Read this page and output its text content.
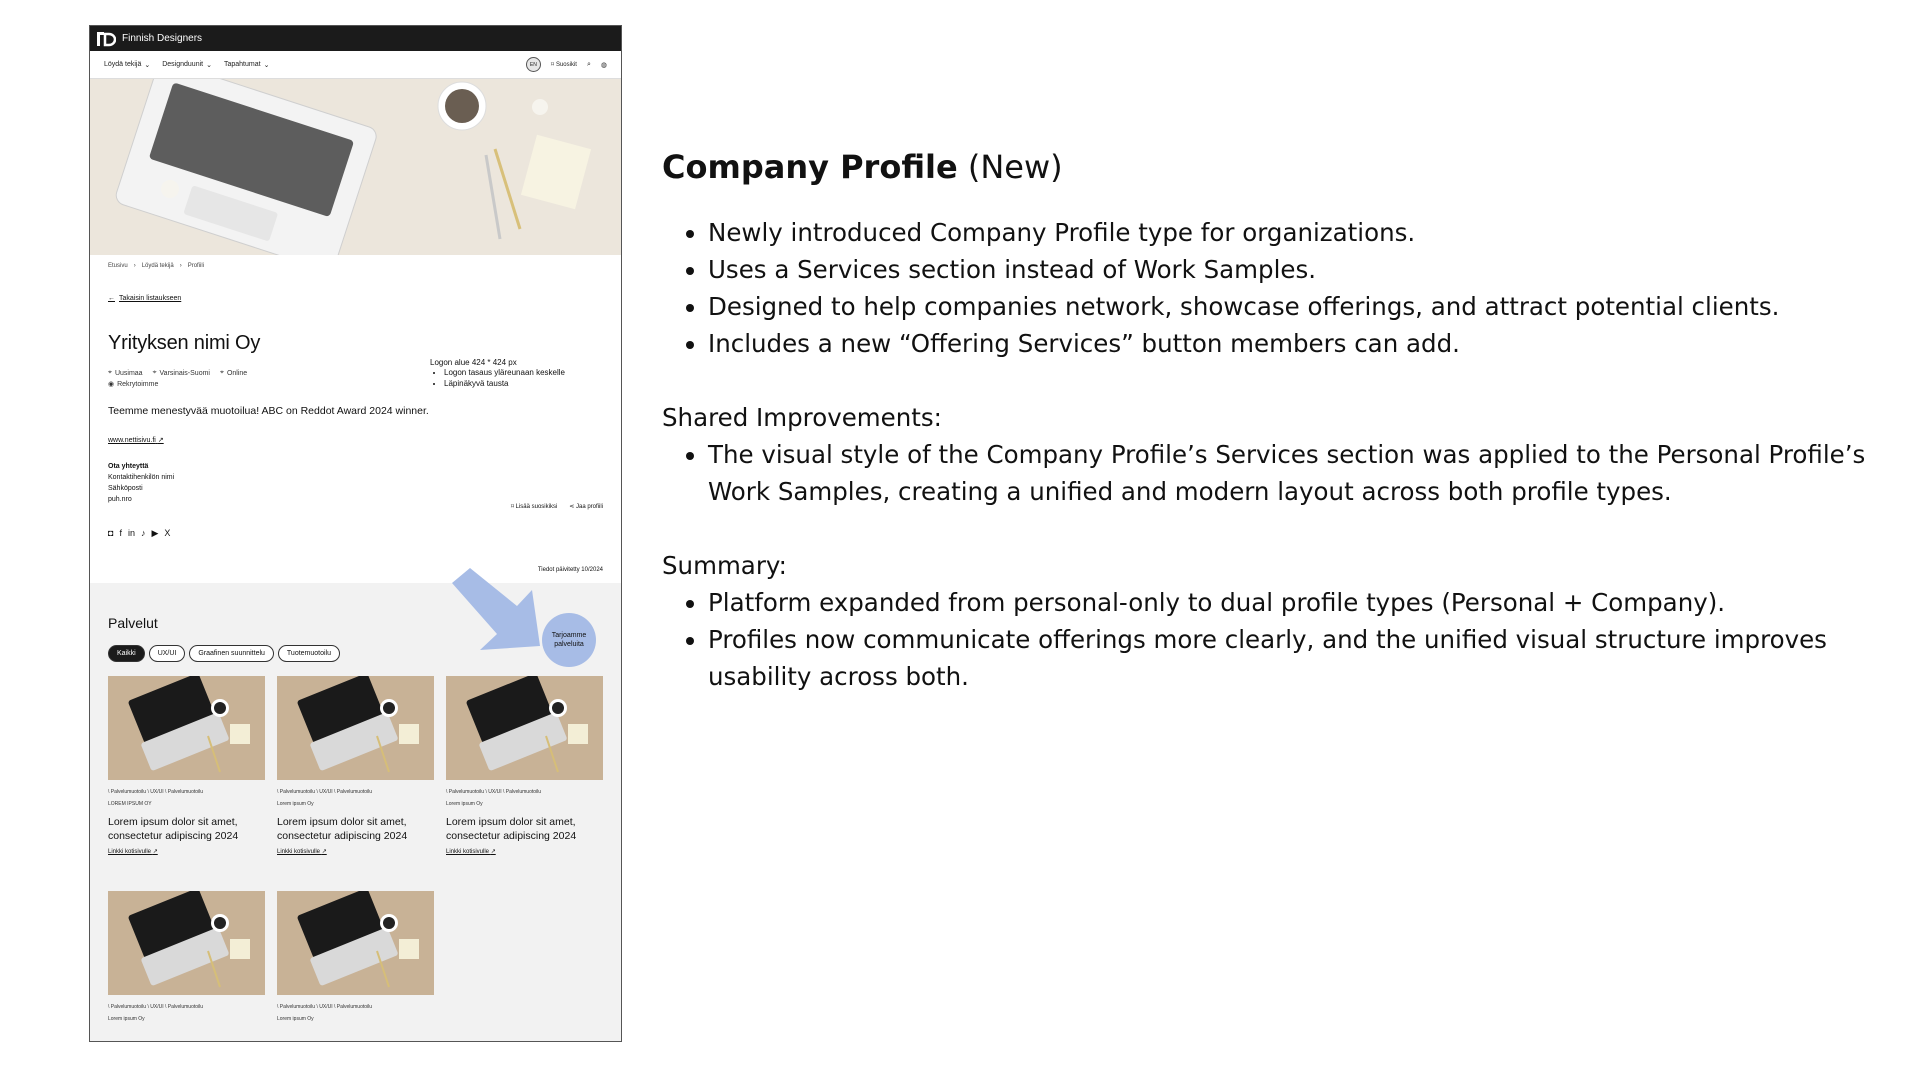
Finnish Designers
Löydä tekijä ⌄ Designduunit ⌄ Tapahtumat ⌄	EN	⌑ Suosikit ⌕ ◍
Etusivu › Löydä tekijä › Profiili
← Takaisin listaukseen
Yrityksen nimi Oy
⌖ Uusimaa ⌖ Varsinais-Suomi ⌖ Online
◉ Rekrytoimme
Teemme menestyvää muotoilua! ABC on Reddot Award 2024 winner.
www.nettisivu.fi ↗
Ota yhteyttä
Kontaktihenkilön nimi
Sähköposti
puh.nro
◘ f in ♪ ▶ X
Logon alue 424 * 424 px
• Logon tasaus yläreunaan keskelle
• Läpinäkyvä tausta
⌑ Lisää suosikiksi ⋖ Jaa profiili
Tiedot päivitetty 10/2024
Tarjoamme palveluita
Palvelut
Kaikki	UX/UI	Graafinen suunnittelu	Tuotemuotoilu
\ Palvelumuotoilu \ UX/UI \ Palvelumuotoilu
LOREM IPSUM OY
Lorem ipsum dolor sit amet, consectetur adipiscing 2024
Linkki kotisivulle ↗
\ Palvelumuotoilu \ UX/UI \ Palvelumuotoilu
Lorem ipsum Oy
Lorem ipsum dolor sit amet, consectetur adipiscing 2024
Linkki kotisivulle ↗
\ Palvelumuotoilu \ UX/UI \ Palvelumuotoilu
Lorem ipsum Oy
Lorem ipsum dolor sit amet, consectetur adipiscing 2024
Linkki kotisivulle ↗
\ Palvelumuotoilu \ UX/UI \ Palvelumuotoilu
Lorem ipsum Oy
\ Palvelumuotoilu \ UX/UI \ Palvelumuotoilu
Lorem ipsum Oy
Company Profile (New)
• Newly introduced Company Profile type for organizations.
• Uses a Services section instead of Work Samples.
• Designed to help companies network, showcase offerings, and attract potential clients.
• Includes a new “Offering Services” button members can add.
Shared Improvements:
• The visual style of the Company Profile’s Services section was applied to the Personal Profile’s Work Samples, creating a unified and modern layout across both profile types.
Summary:
• Platform expanded from personal-only to dual profile types (Personal + Company).
• Profiles now communicate offerings more clearly, and the unified visual structure improves usability across both.
